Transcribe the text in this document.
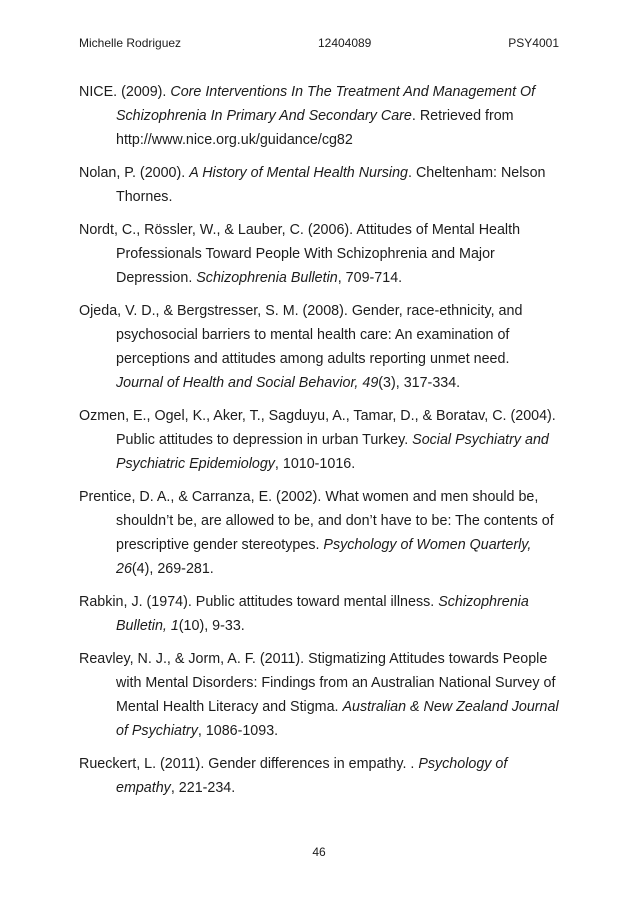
Michelle Rodriguez	12404089	PSY4001

NICE. (2009). Core Interventions In The Treatment And Management Of Schizophrenia In Primary And Secondary Care. Retrieved from http://www.nice.org.uk/guidance/cg82

Nolan, P. (2000). A History of Mental Health Nursing. Cheltenham: Nelson Thornes.

Nordt, C., Rössler, W., & Lauber, C. (2006). Attitudes of Mental Health Professionals Toward People With Schizophrenia and Major Depression. Schizophrenia Bulletin, 709-714.

Ojeda, V. D., & Bergstresser, S. M. (2008). Gender, race-ethnicity, and psychosocial barriers to mental health care: An examination of perceptions and attitudes among adults reporting unmet need. Journal of Health and Social Behavior, 49(3), 317-334.

Ozmen, E., Ogel, K., Aker, T., Sagduyu, A., Tamar, D., & Boratav, C. (2004). Public attitudes to depression in urban Turkey. Social Psychiatry and Psychiatric Epidemiology, 1010-1016.

Prentice, D. A., & Carranza, E. (2002). What women and men should be, shouldn’t be, are allowed to be, and don’t have to be: The contents of prescriptive gender stereotypes. Psychology of Women Quarterly, 26(4), 269-281.

Rabkin, J. (1974). Public attitudes toward mental illness. Schizophrenia Bulletin, 1(10), 9-33.

Reavley, N. J., & Jorm, A. F. (2011). Stigmatizing Attitudes towards People with Mental Disorders: Findings from an Australian National Survey of Mental Health Literacy and Stigma. Australian & New Zealand Journal of Psychiatry, 1086-1093.

Rueckert, L. (2011). Gender differences in empathy. . Psychology of empathy, 221-234.

46
